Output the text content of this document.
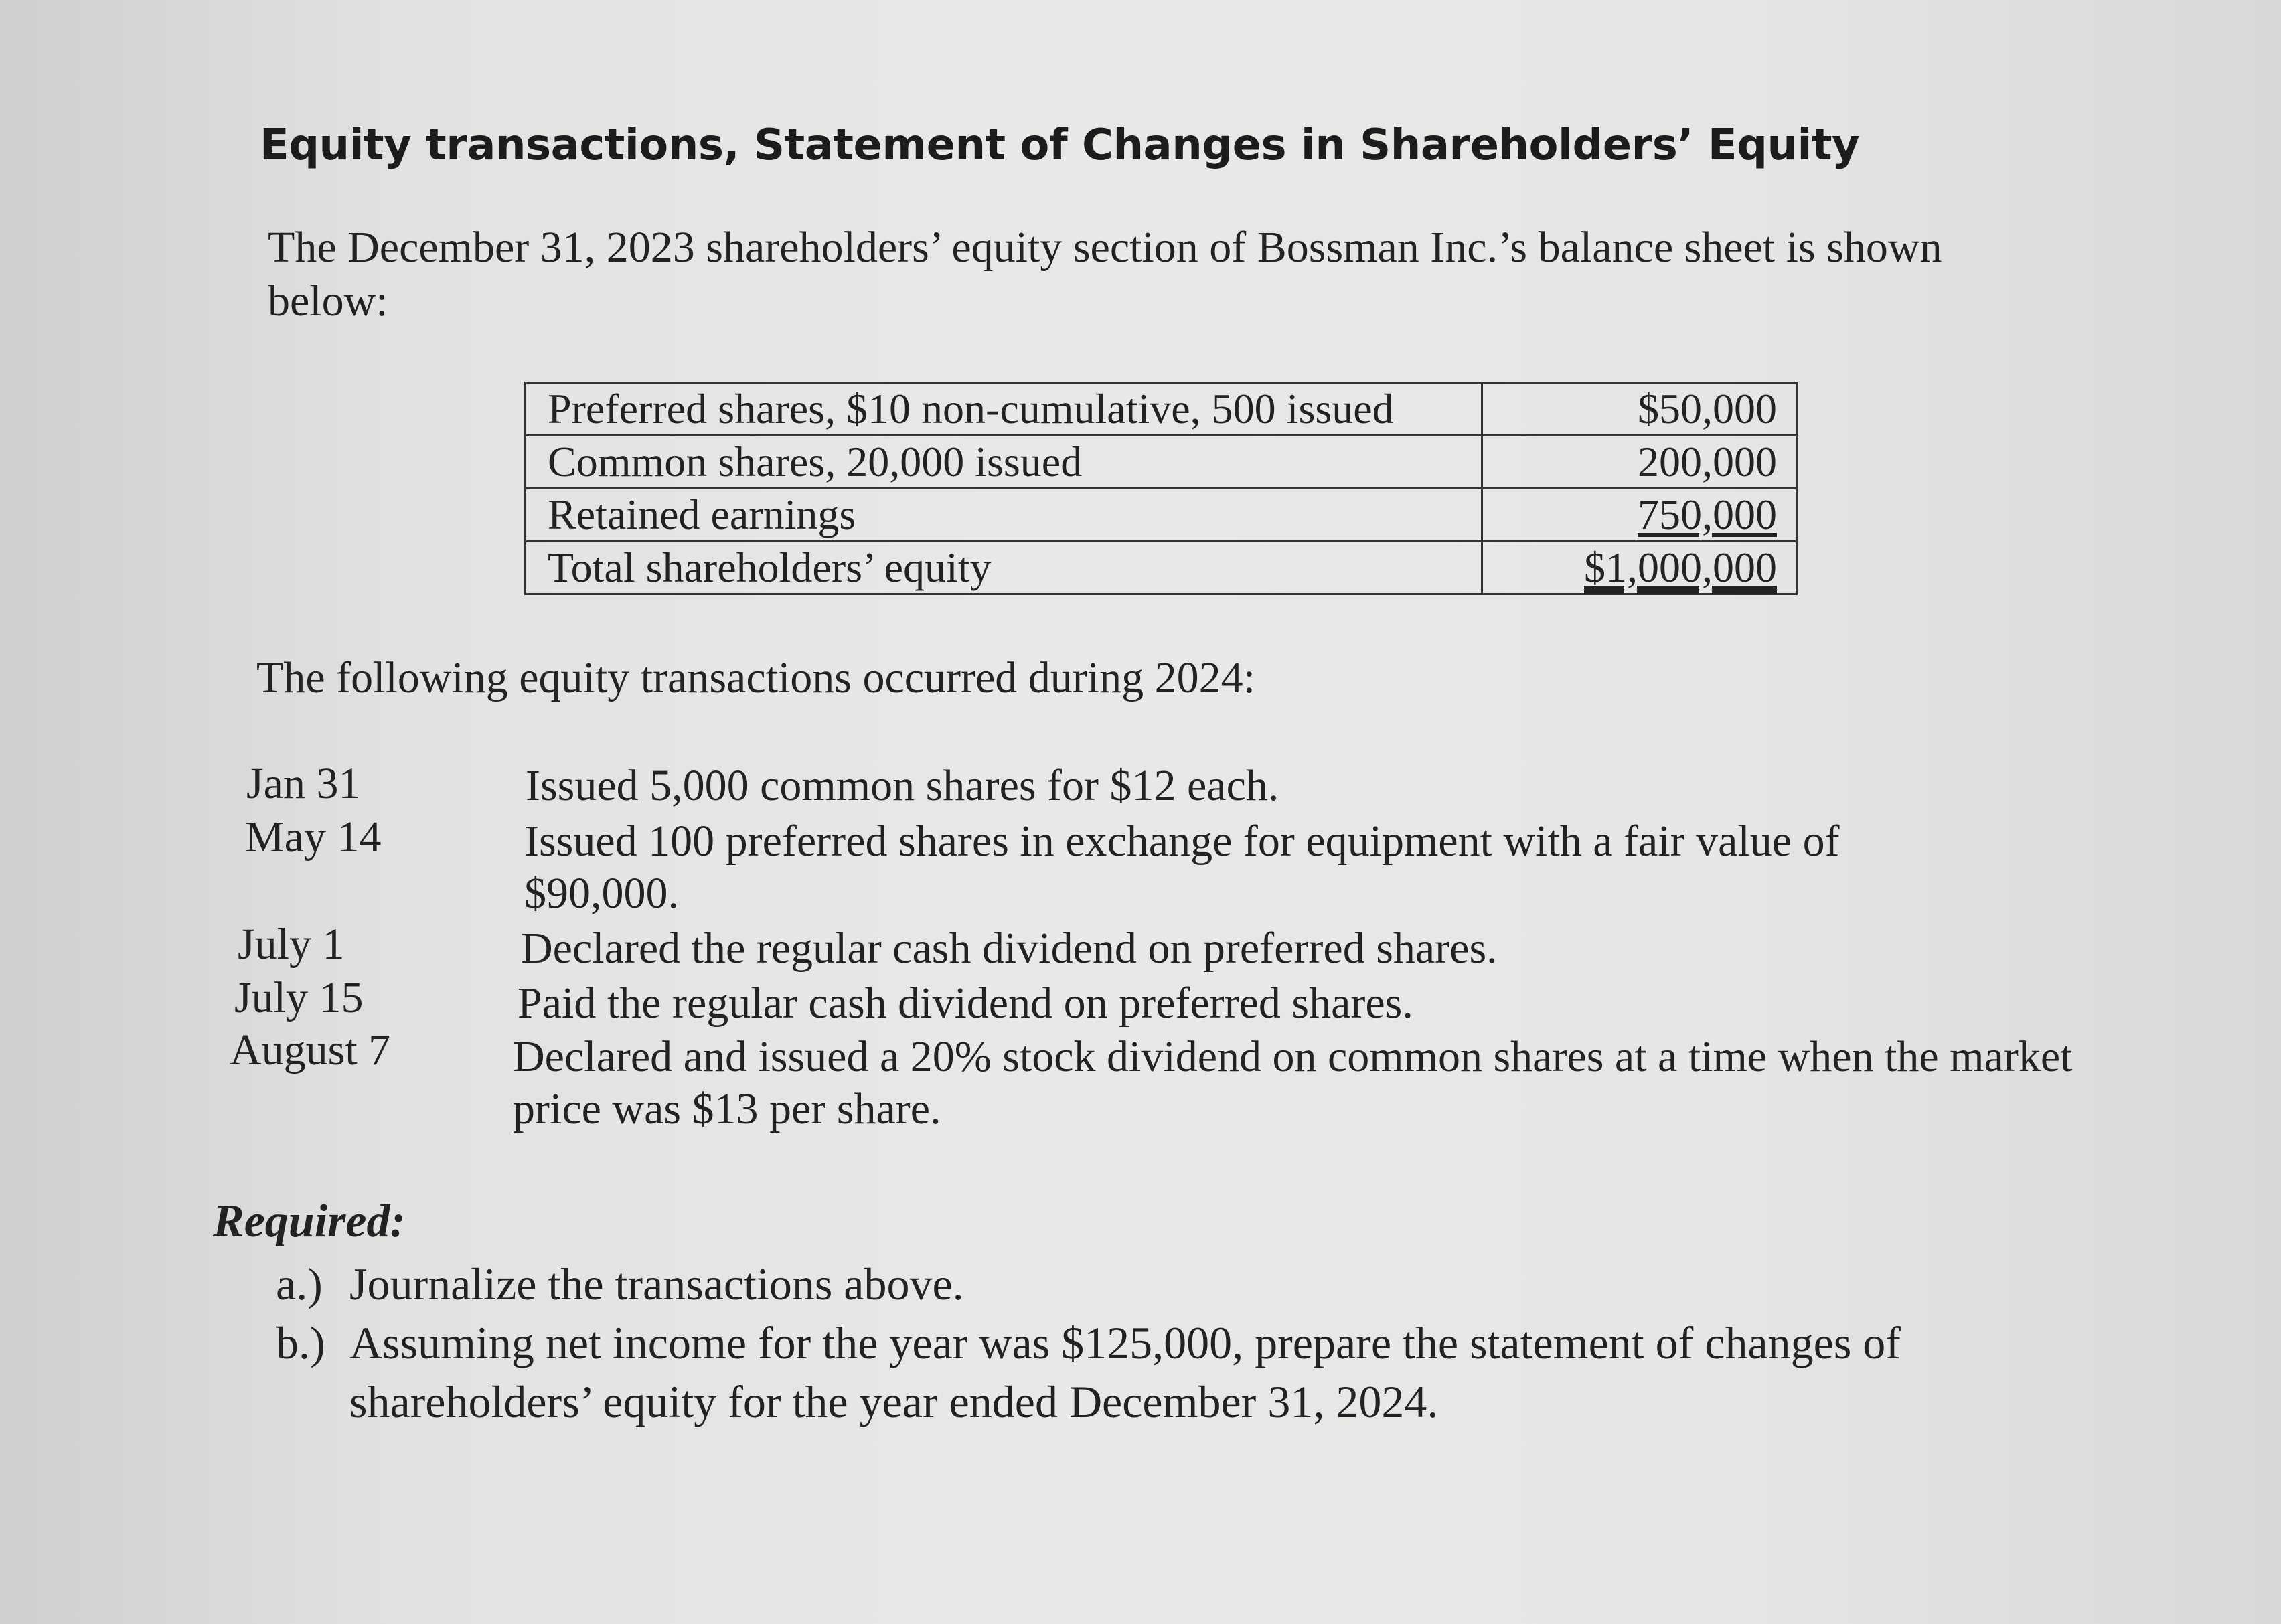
Equity transactions, Statement of Changes in Shareholders’ Equity
The December 31, 2023 shareholders’ equity section of Bossman Inc.’s balance sheet is shown below:
Preferred shares, $10 non-cumulative, 500 issued	$50,000
Common shares, 20,000 issued	200,000
Retained earnings	750,000
Total shareholders’ equity	$1,000,000
The following equity transactions occurred during 2024:
Jan 31	Issued 5,000 common shares for $12 each.
May 14	Issued 100 preferred shares in exchange for equipment with a fair value of $90,000.
July 1	Declared the regular cash dividend on preferred shares.
July 15	Paid the regular cash dividend on preferred shares.
August 7	Declared and issued a 20% stock dividend on common shares at a time when the market price was $13 per share.
Required:
a.) Journalize the transactions above.
b.) Assuming net income for the year was $125,000, prepare the statement of changes of shareholders’ equity for the year ended December 31, 2024.
